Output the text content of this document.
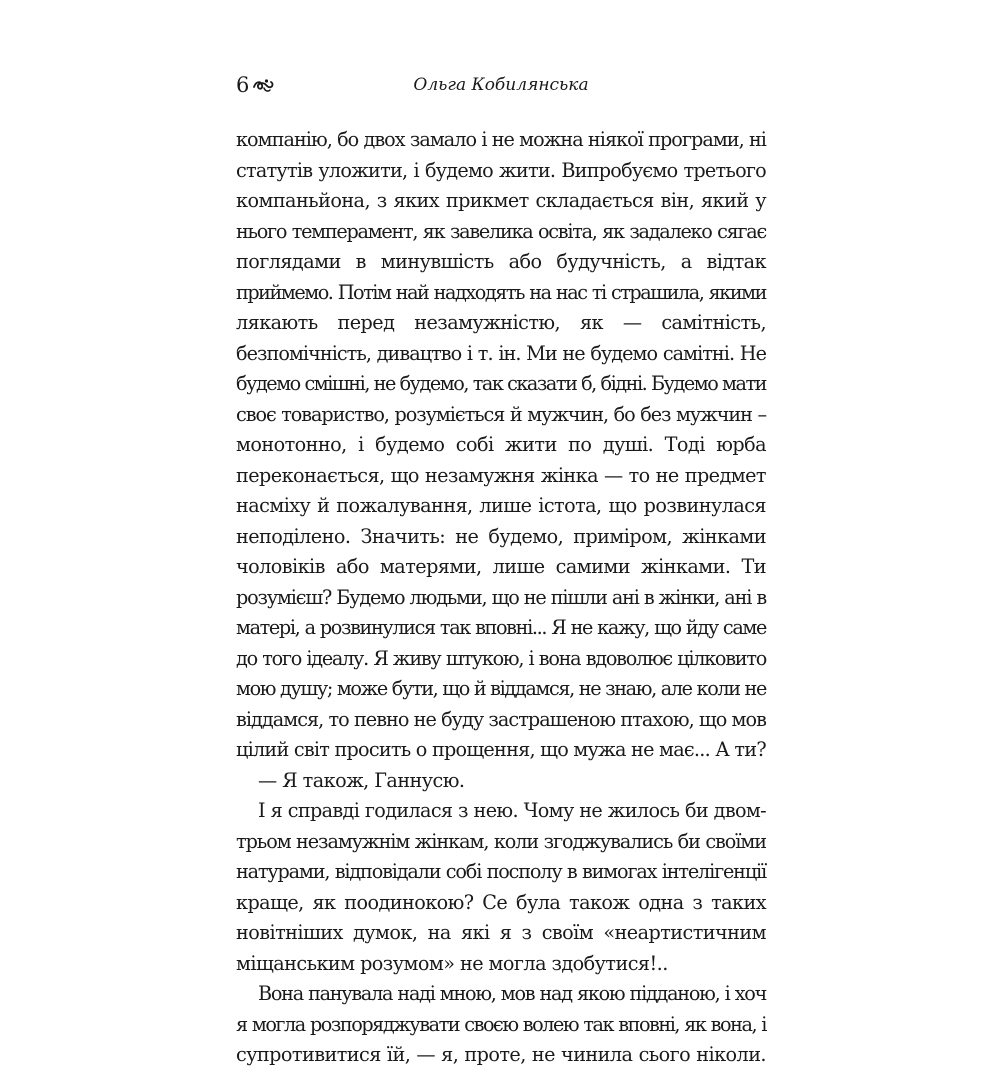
6	Ольга Кобилянська
компанію, бо двох замало і не можна ніякої програми, ні
статутів уложити, і будемо жити. Випробуємо третього
компаньйона, з яких прикмет складається він, який у
нього темперамент, як завелика освіта, як задалеко сягає
поглядами в минувшість або будучність, а відтак
приймемо. Потім най надходять на нас ті страшила, якими
лякають перед незамужністю, як — самітність,
безпомічність, дивацтво і т. ін. Ми не будемо самітні. Не
будемо смішні, не будемо, так сказати б, бідні. Будемо мати
своє товариство, розуміється й мужчин, бо без мужчин –
монотонно, і будемо собі жити по душі. Тоді юрба
переконається, що незамужня жінка — то не предмет
насміху й пожалування, лише істота, що розвинулася
неподілено. Значить: не будемо, приміром, жінками
чоловіків або матерями, лише самими жінками. Ти
розумієш? Будемо людьми, що не пішли ані в жінки, ані в
матері, а розвинулися так вповні... Я не кажу, що йду саме
до того ідеалу. Я живу штукою, і вона вдоволює цілковито
мою душу; може бути, що й віддамся, не знаю, але коли не
віддамся, то певно не буду застрашеною птахою, що мов
цілий світ просить о прощення, що мужа не має... А ти?
— Я також, Ганнусю.
І я справді годилася з нею. Чому не жилось би двом-
трьом незамужнім жінкам, коли згоджувались би своїми
натурами, відповідали собі посполу в вимогах інтелігенції
краще, як поодинокою? Се була також одна з таких
новітніших думок, на які я з своїм «неартистичним
міщанським розумом» не могла здобутися!..
Вона панувала наді мною, мов над якою підданою, і хоч
я могла розпоряджувати своєю волею так вповні, як вона, і
супротивитися їй, — я, проте, не чинила сього ніколи.
